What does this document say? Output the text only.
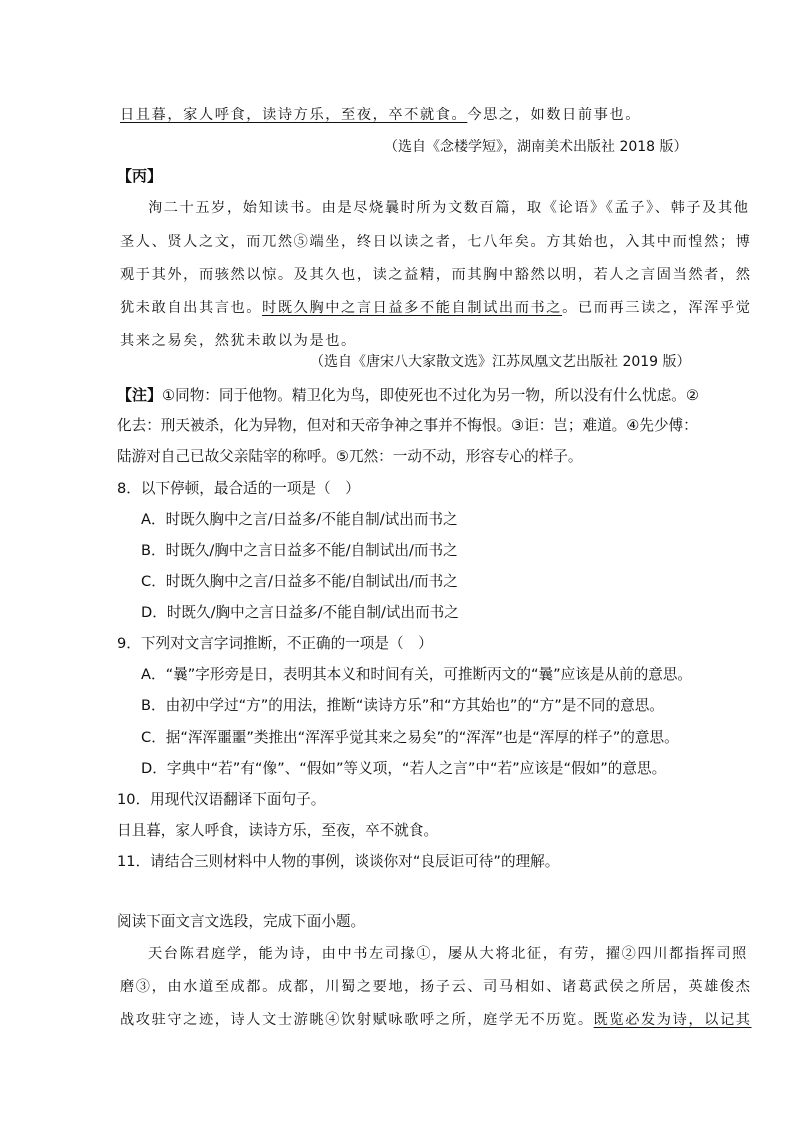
日且暮，家人呼食，读诗方乐，至夜，卒不就食。今思之，如数日前事也。

（选自《念楼学短》，湖南美术出版社 2018 版）

【丙】

洵二十五岁，始知读书。由是尽烧曩时所为文数百篇，取《论语》《孟子》、韩子及其他

圣人、贤人之文，而兀然⑤端坐，终日以读之者，七八年矣。方其始也，入其中而惶然；博

观于其外，而骇然以惊。及其久也，读之益精，而其胸中豁然以明，若人之言固当然者，然

犹未敢自出其言也。时既久胸中之言日益多不能自制试出而书之。已而再三读之，浑浑乎觉

其来之易矣，然犹未敢以为是也。

（选自《唐宋八大家散文选》江苏凤凰文艺出版社 2019 版）

【注】①同物：同于他物。精卫化为鸟，即使死也不过化为另一物，所以没有什么忧虑。②

化去：刑天被杀，化为异物，但对和天帝争神之事并不悔恨。③讵：岂；难道。④先少傅：

陆游对自己已故父亲陆宰的称呼。⑤兀然：一动不动，形容专心的样子。

8．以下停顿，最合适的一项是（　）

A．时既久胸中之言/日益多/不能自制/试出而书之

B．时既久/胸中之言日益多不能/自制试出/而书之

C．时既久胸中之言/日益多不能/自制试出/而书之

D．时既久/胸中之言日益多/不能自制/试出而书之

9．下列对文言字词推断，不正确的一项是（　）

A．“曩”字形旁是日，表明其本义和时间有关，可推断丙文的“曩”应该是从前的意思。

B．由初中学过“方”的用法，推断“读诗方乐”和“方其始也”的“方”是不同的意思。

C．据“浑浑噩噩”类推出“浑浑乎觉其来之易矣”的“浑浑”也是“浑厚的样子”的意思。

D．字典中“若”有“像”、“假如”等义项，“若人之言”中“若”应该是“假如”的意思。

10．用现代汉语翻译下面句子。

日且暮，家人呼食，读诗方乐，至夜，卒不就食。

11．请结合三则材料中人物的事例，谈谈你对“良辰讵可待”的理解。

阅读下面文言文选段，完成下面小题。

天台陈君庭学，能为诗，由中书左司掾①，屡从大将北征，有劳，擢②四川都指挥司照

磨③，由水道至成都。成都，川蜀之要地，扬子云、司马相如、诸葛武侯之所居，英雄俊杰

战攻驻守之迹，诗人文士游眺④饮射赋咏歌呼之所，庭学无不历览。既览必发为诗，以记其
